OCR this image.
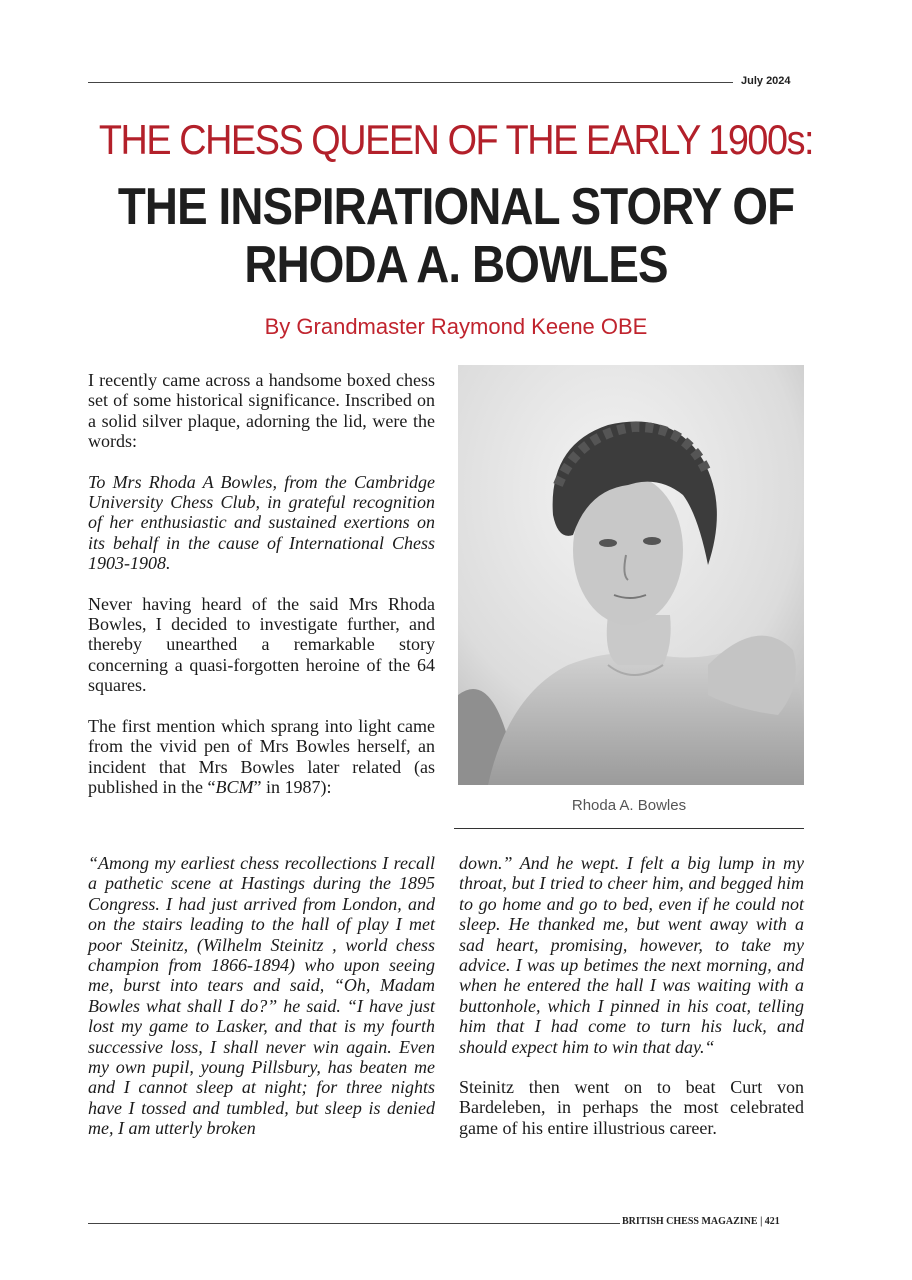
July 2024
THE CHESS QUEEN OF THE EARLY 1900s:
THE INSPIRATIONAL STORY OF
RHODA A. BOWLES
By Grandmaster Raymond Keene OBE

I recently came across a handsome boxed chess set of some historical significance. Inscribed on a solid silver plaque, adorning the lid, were the words:

To Mrs Rhoda A Bowles, from the Cambridge University Chess Club, in grateful recognition of her enthusiastic and sustained exertions on its behalf in the cause of International Chess 1903-1908.

Never having heard of the said Mrs Rhoda Bowles, I decided to investigate further, and thereby unearthed a remarkable story concerning a quasi-forgotten heroine of the 64 squares.

The first mention which sprang into light came from the vivid pen of Mrs Bowles herself, an incident that Mrs Bowles later related (as published in the “BCM” in 1987):

“Among my earliest chess recollections I recall a pathetic scene at Hastings during the 1895 Congress. I had just arrived from London, and on the stairs leading to the hall of play I met poor Steinitz, (Wilhelm Steinitz , world chess champion from 1866-1894) who upon seeing me, burst into tears and said, “Oh, Madam Bowles what shall I do?” he said. “I have just lost my game to Lasker, and that is my fourth successive loss, I shall never win again. Even my own pupil, young Pillsbury, has beaten me and I cannot sleep at night; for three nights have I tossed and tumbled, but sleep is denied me, I am utterly broken

down.” And he wept. I felt a big lump in my throat, but I tried to cheer him, and begged him to go home and go to bed, even if he could not sleep. He thanked me, but went away with a sad heart, promising, however, to take my advice. I was up betimes the next morning, and when he entered the hall I was waiting with a buttonhole, which I pinned in his coat, telling him that I had come to turn his luck, and should expect him to win that day.“

Steinitz then went on to beat Curt von Bardeleben, in perhaps the most celebrated game of his entire illustrious career.

Rhoda A. Bowles
BRITISH CHESS MAGAZINE | 421
